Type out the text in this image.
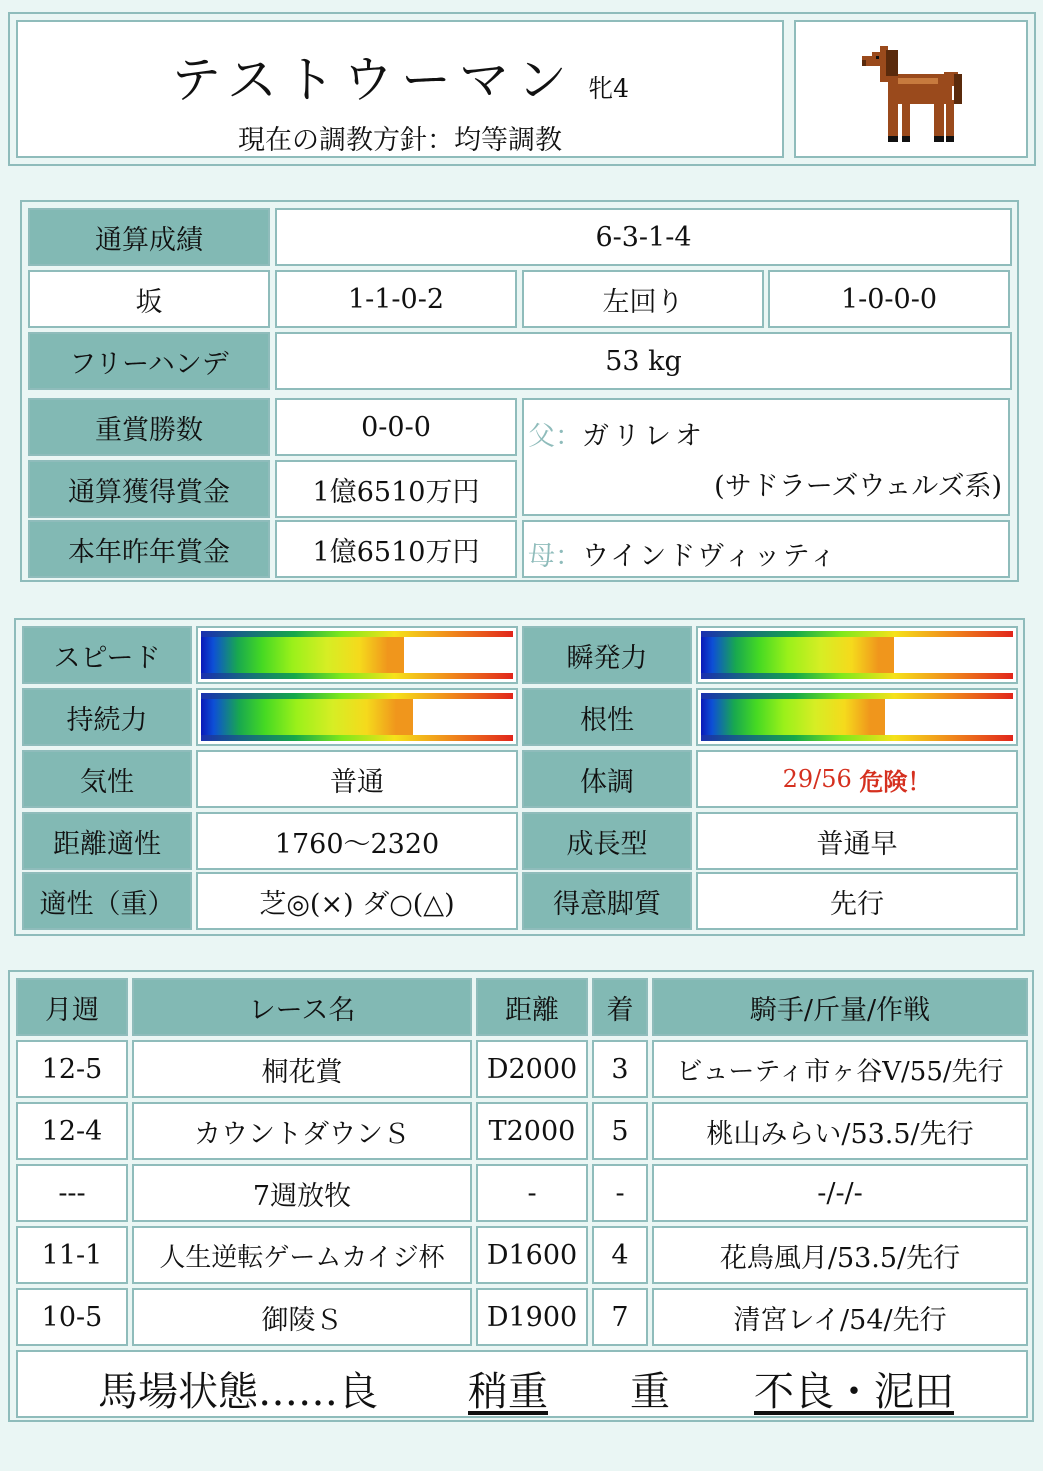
テストウーマン 牝4
現在の調教方針：均等調教
通算成績	6-3-1-4
坂	1-1-0-2	左回り	1-0-0-0
フリーハンデ	53 kg
重賞勝数	0-0-0
通算獲得賞金	1億6510万円
本年昨年賞金	1億6510万円
父：ガリレオ
(サドラーズウェルズ系)
母：ウインドヴィッティ
スピード	瞬発力
持続力	根性
気性	普通	体調	29/56
危険！
距離適性	1760〜2320	成長型	普通早
適性（重）	芝◎(×) ダ○(△)	得意脚質	先行
月週	レース名	距離	着	騎手/斤量/作戦
12-5	桐花賞	D2000	3	ビューティ市ヶ谷V/55/先行
12-4	カウントダウンＳ	T2000	5	桃山みらい/53.5/先行
---	7週放牧	-	-	-/-/-
11-1	人生逆転ゲームカイジ杯	D1600	4	花鳥風月/53.5/先行
10-5	御陵Ｓ	D1900	7	清宮レイ/54/先行
馬場状態……良 稍重 重 不良・泥田
